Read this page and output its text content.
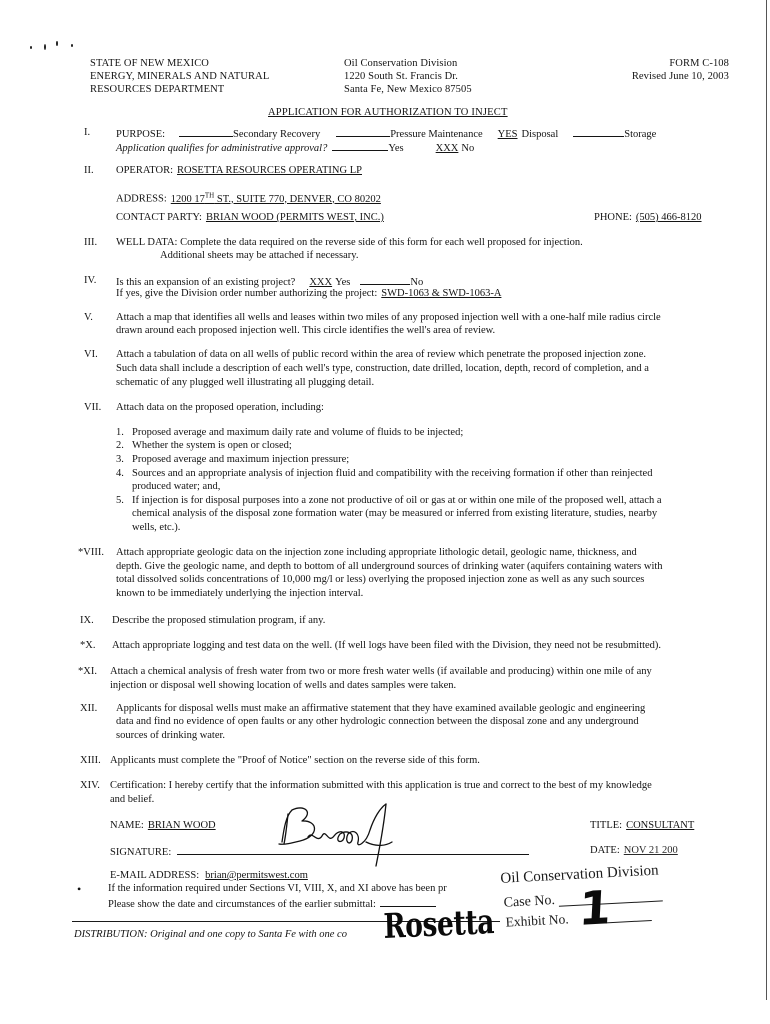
STATE OF NEW MEXICO
ENERGY, MINERALS AND NATURAL
RESOURCES DEPARTMENT
Oil Conservation Division
1220 South St. Francis Dr.
Santa Fe, New Mexico 87505
FORM C-108
Revised June 10, 2003
APPLICATION FOR AUTHORIZATION TO INJECT
I. PURPOSE:	Secondary Recovery	Pressure Maintenance YES Disposal	Storage
Application qualifies for administrative approval?	Yes	XXX No
II. OPERATOR: ROSETTA RESOURCES OPERATING LP
ADDRESS: 1200 17TH ST., SUITE 770, DENVER, CO 80202
CONTACT PARTY: BRIAN WOOD (PERMITS WEST, INC.)	PHONE: (505) 466-8120
III. WELL DATA: Complete the data required on the reverse side of this form for each well proposed for injection.
Additional sheets may be attached if necessary.
IV. Is this an expansion of an existing project? XXX Yes	No
If yes, give the Division order number authorizing the project: SWD-1063 & SWD-1063-A
V. Attach a map that identifies all wells and leases within two miles of any proposed injection well with a one-half mile radius circle
drawn around each proposed injection well. This circle identifies the well's area of review.
VI. Attach a tabulation of data on all wells of public record within the area of review which penetrate the proposed injection zone.
Such data shall include a description of each well's type, construction, date drilled, location, depth, record of completion, and a
schematic of any plugged well illustrating all plugging detail.
VII. Attach data on the proposed operation, including:
1. Proposed average and maximum daily rate and volume of fluids to be injected;
2. Whether the system is open or closed;
3. Proposed average and maximum injection pressure;
4. Sources and an appropriate analysis of injection fluid and compatibility with the receiving formation if other than reinjected
produced water; and,
5. If injection is for disposal purposes into a zone not productive of oil or gas at or within one mile of the proposed well, attach a
chemical analysis of the disposal zone formation water (may be measured or inferred from existing literature, studies, nearby
wells, etc.).
*VIII. Attach appropriate geologic data on the injection zone including appropriate lithologic detail, geologic name, thickness, and
depth. Give the geologic name, and depth to bottom of all underground sources of drinking water (aquifers containing waters with
total dissolved solids concentrations of 10,000 mg/l or less) overlying the proposed injection zone as well as any such sources
known to be immediately underlying the injection interval.
IX. Describe the proposed stimulation program, if any.
*X. Attach appropriate logging and test data on the well. (If well logs have been filed with the Division, they need not be resubmitted).
*XI. Attach a chemical analysis of fresh water from two or more fresh water wells (if available and producing) within one mile of any
injection or disposal well showing location of wells and dates samples were taken.
XII. Applicants for disposal wells must make an affirmative statement that they have examined available geologic and engineering
data and find no evidence of open faults or any other hydrologic connection between the disposal zone and any underground
sources of drinking water.
XIII. Applicants must complete the "Proof of Notice" section on the reverse side of this form.
XIV. Certification: I hereby certify that the information submitted with this application is true and correct to the best of my knowledge
and belief.
NAME: BRIAN WOOD	TITLE: CONSULTANT
SIGNATURE:	DATE: NOV 21 200
E-MAIL ADDRESS: brian@permitswest.com
•	If the information required under Sections VI, VIII, X, and XI above has been pr
Please show the date and circumstances of the earlier submittal:
DISTRIBUTION: Original and one copy to Santa Fe with one co
Oil Conservation Division
Case No.
Exhibit No. 1
Rosetta
